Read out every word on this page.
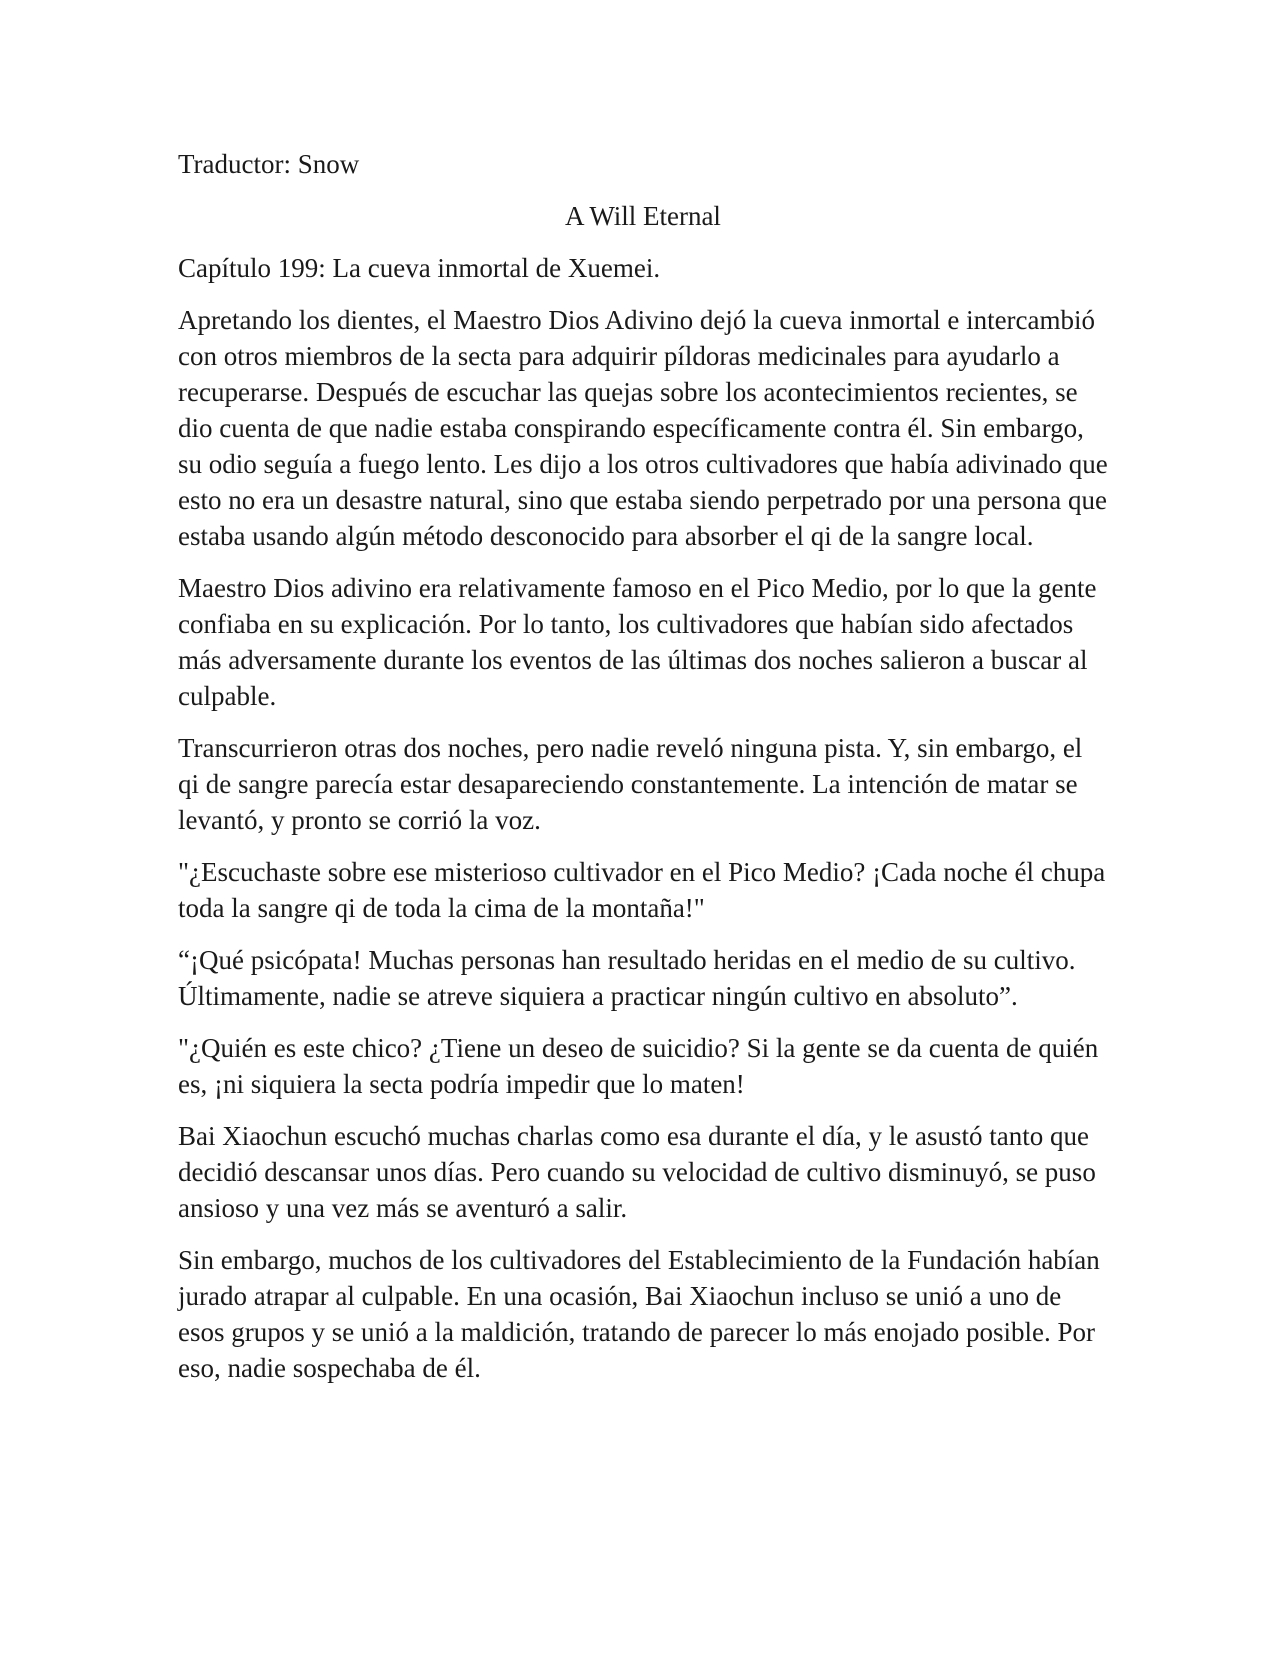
Traductor: Snow

A Will Eternal

Capítulo 199: La cueva inmortal de Xuemei.

Apretando los dientes, el Maestro Dios Adivino dejó la cueva inmortal e intercambió con otros miembros de la secta para adquirir píldoras medicinales para ayudarlo a recuperarse. Después de escuchar las quejas sobre los acontecimientos recientes, se dio cuenta de que nadie estaba conspirando específicamente contra él. Sin embargo, su odio seguía a fuego lento. Les dijo a los otros cultivadores que había adivinado que esto no era un desastre natural, sino que estaba siendo perpetrado por una persona que estaba usando algún método desconocido para absorber el qi de la sangre local.

Maestro Dios adivino era relativamente famoso en el Pico Medio, por lo que la gente confiaba en su explicación. Por lo tanto, los cultivadores que habían sido afectados más adversamente durante los eventos de las últimas dos noches salieron a buscar al culpable.

Transcurrieron otras dos noches, pero nadie reveló ninguna pista. Y, sin embargo, el qi de sangre parecía estar desapareciendo constantemente. La intención de matar se levantó, y pronto se corrió la voz.

"¿Escuchaste sobre ese misterioso cultivador en el Pico Medio? ¡Cada noche él chupa toda la sangre qi de toda la cima de la montaña!"

“¡Qué psicópata! Muchas personas han resultado heridas en el medio de su cultivo. Últimamente, nadie se atreve siquiera a practicar ningún cultivo en absoluto”.

"¿Quién es este chico? ¿Tiene un deseo de suicidio? Si la gente se da cuenta de quién es, ¡ni siquiera la secta podría impedir que lo maten!

Bai Xiaochun escuchó muchas charlas como esa durante el día, y le asustó tanto que decidió descansar unos días. Pero cuando su velocidad de cultivo disminuyó, se puso ansioso y una vez más se aventuró a salir.

Sin embargo, muchos de los cultivadores del Establecimiento de la Fundación habían jurado atrapar al culpable. En una ocasión, Bai Xiaochun incluso se unió a uno de esos grupos y se unió a la maldición, tratando de parecer lo más enojado posible. Por eso, nadie sospechaba de él.
